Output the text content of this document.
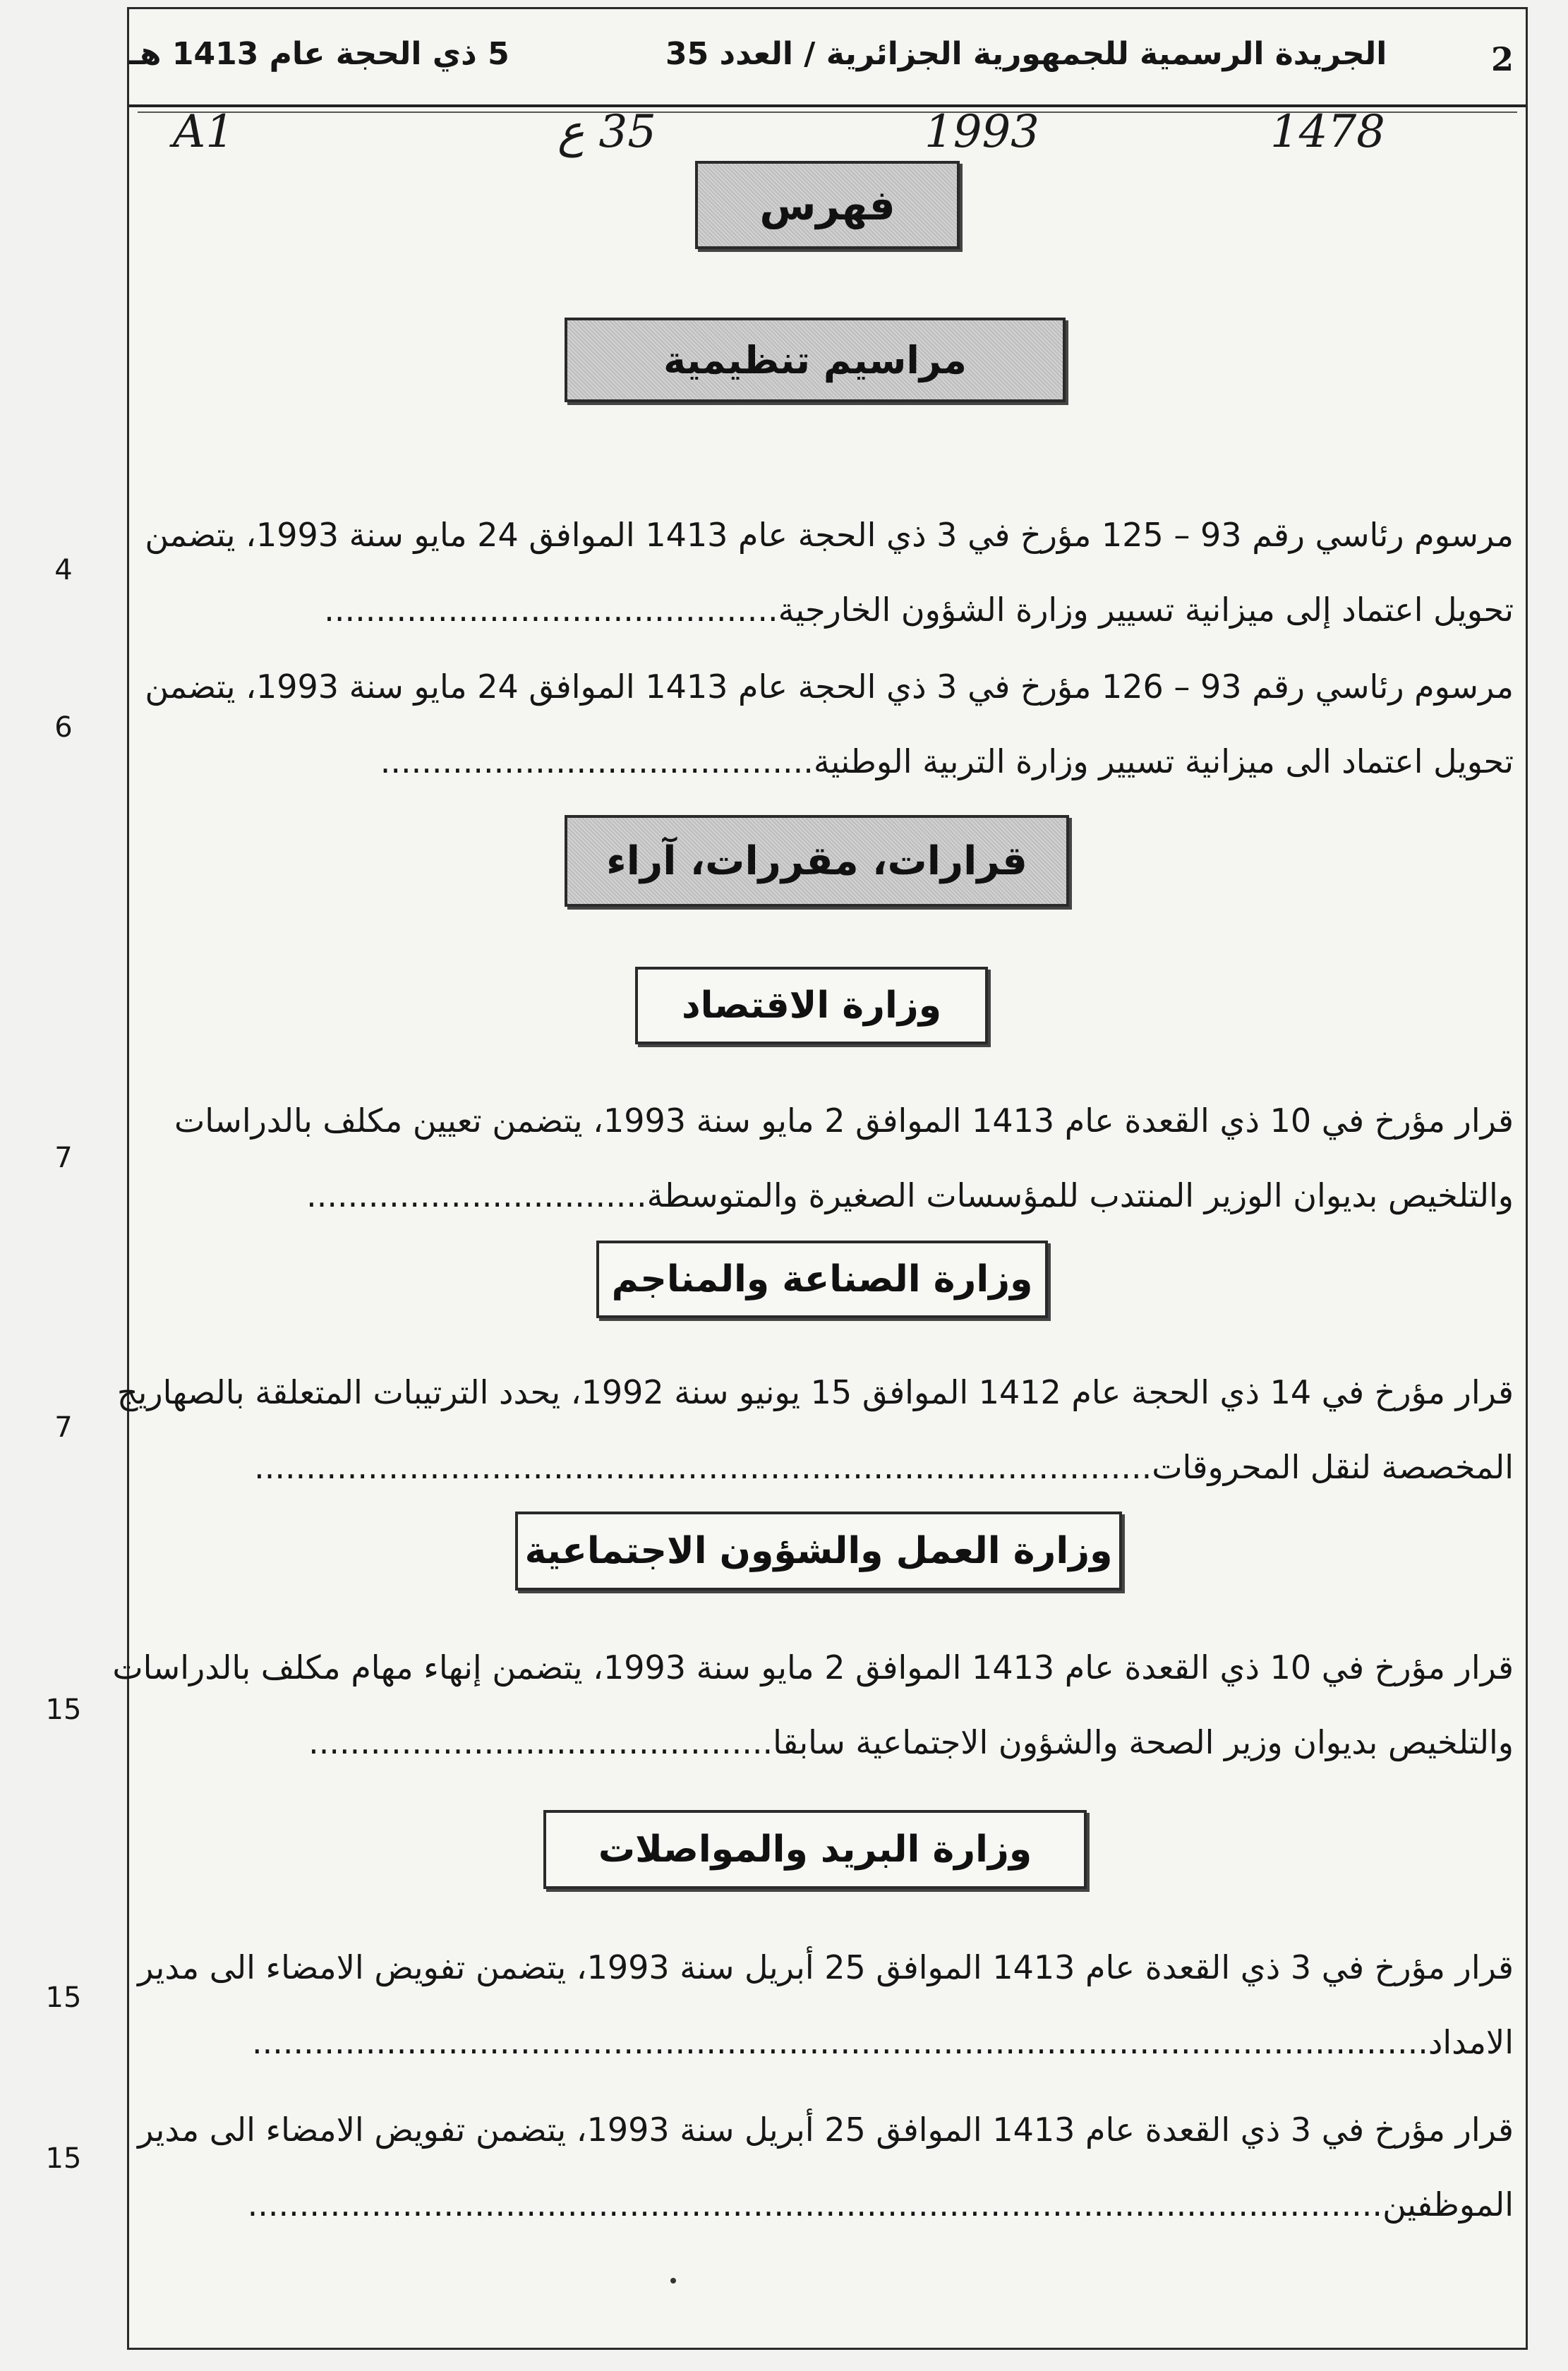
2
الجريدة الرسمية للجمهورية الجزائرية / العدد 35
5 ذي الحجة عام 1413 هـ
1478
1993
35 ع
A1
فهرس
مراسيم تنظيمية
مرسوم رئاسي رقم 93 – 125 مؤرخ في 3 ذي الحجة عام 1413 الموافق 24 مايو سنة 1993، يتضمن
تحويل اعتماد إلى ميزانية تسيير وزارة الشؤون الخارجية............................................
4
مرسوم رئاسي رقم 93 – 126 مؤرخ في 3 ذي الحجة عام 1413 الموافق 24 مايو سنة 1993، يتضمن
تحويل اعتماد الى ميزانية تسيير وزارة التربية الوطنية..........................................
6
قرارات، مقررات، آراء
وزارة الاقتصاد
قرار مؤرخ في 10 ذي القعدة عام 1413 الموافق 2 مايو سنة 1993، يتضمن تعيين مكلف بالدراسات
والتلخيص بديوان الوزير المنتدب للمؤسسات الصغيرة والمتوسطة.................................
7
وزارة الصناعة والمناجم
قرار مؤرخ في 14 ذي الحجة عام 1412 الموافق 15 يونيو سنة 1992، يحدد الترتيبات المتعلقة بالصهاريج
المخصصة لنقل المحروقات.......................................................................................
7
وزارة العمل والشؤون الاجتماعية
قرار مؤرخ في 10 ذي القعدة عام 1413 الموافق 2 مايو سنة 1993، يتضمن إنهاء مهام مكلف بالدراسات
والتلخيص بديوان وزير الصحة والشؤون الاجتماعية سابقا.............................................
15
وزارة البريد والمواصلات
قرار مؤرخ في 3 ذي القعدة عام 1413 الموافق 25 أبريل سنة 1993، يتضمن تفويض الامضاء الى مدير
الامداد..................................................................................................................
15
قرار مؤرخ في 3 ذي القعدة عام 1413 الموافق 25 أبريل سنة 1993، يتضمن تفويض الامضاء الى مدير
الموظفين..............................................................................................................
15
